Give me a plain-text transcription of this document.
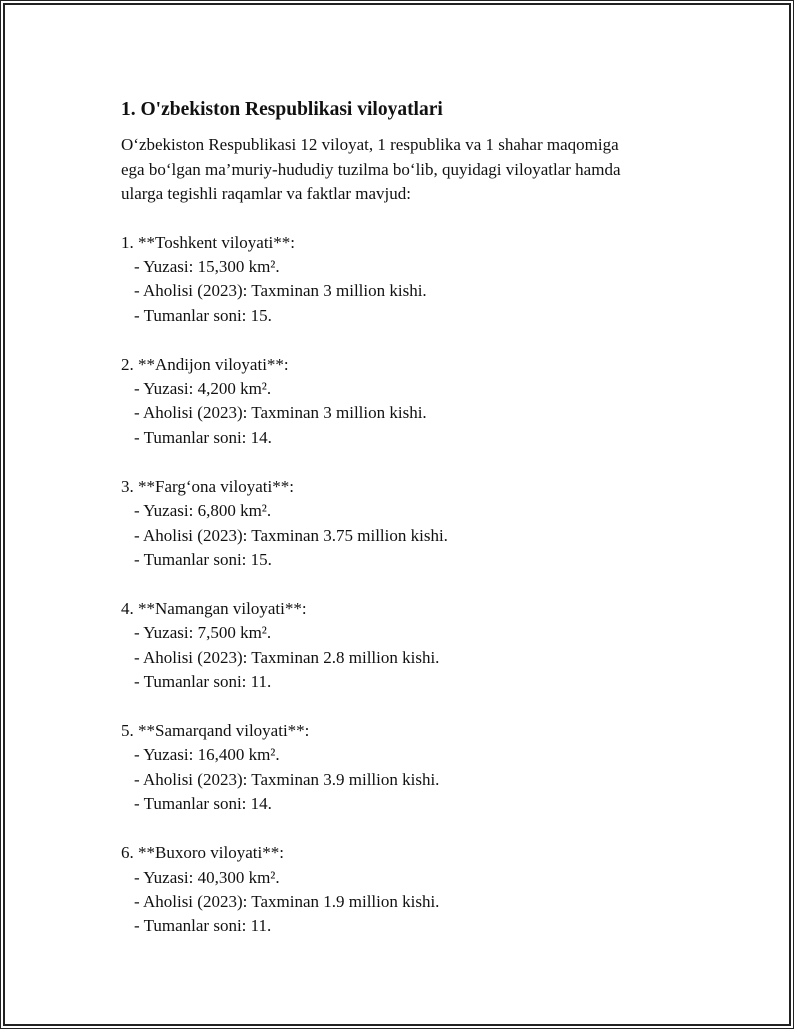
1. O'zbekiston Respublikasi viloyatlari

O‘zbekiston Respublikasi 12 viloyat, 1 respublika va 1 shahar maqomiga
ega bo‘lgan ma’muriy-hududiy tuzilma bo‘lib, quyidagi viloyatlar hamda
ularga tegishli raqamlar va faktlar mavjud:

1. **Toshkent viloyati**:
- Yuzasi: 15,300 km².
- Aholisi (2023): Taxminan 3 million kishi.
- Tumanlar soni: 15.
2. **Andijon viloyati**:
- Yuzasi: 4,200 km².
- Aholisi (2023): Taxminan 3 million kishi.
- Tumanlar soni: 14.
3. **Farg‘ona viloyati**:
- Yuzasi: 6,800 km².
- Aholisi (2023): Taxminan 3.75 million kishi.
- Tumanlar soni: 15.
4. **Namangan viloyati**:
- Yuzasi: 7,500 km².
- Aholisi (2023): Taxminan 2.8 million kishi.
- Tumanlar soni: 11.
5. **Samarqand viloyati**:
- Yuzasi: 16,400 km².
- Aholisi (2023): Taxminan 3.9 million kishi.
- Tumanlar soni: 14.
6. **Buxoro viloyati**:
- Yuzasi: 40,300 km².
- Aholisi (2023): Taxminan 1.9 million kishi.
- Tumanlar soni: 11.
